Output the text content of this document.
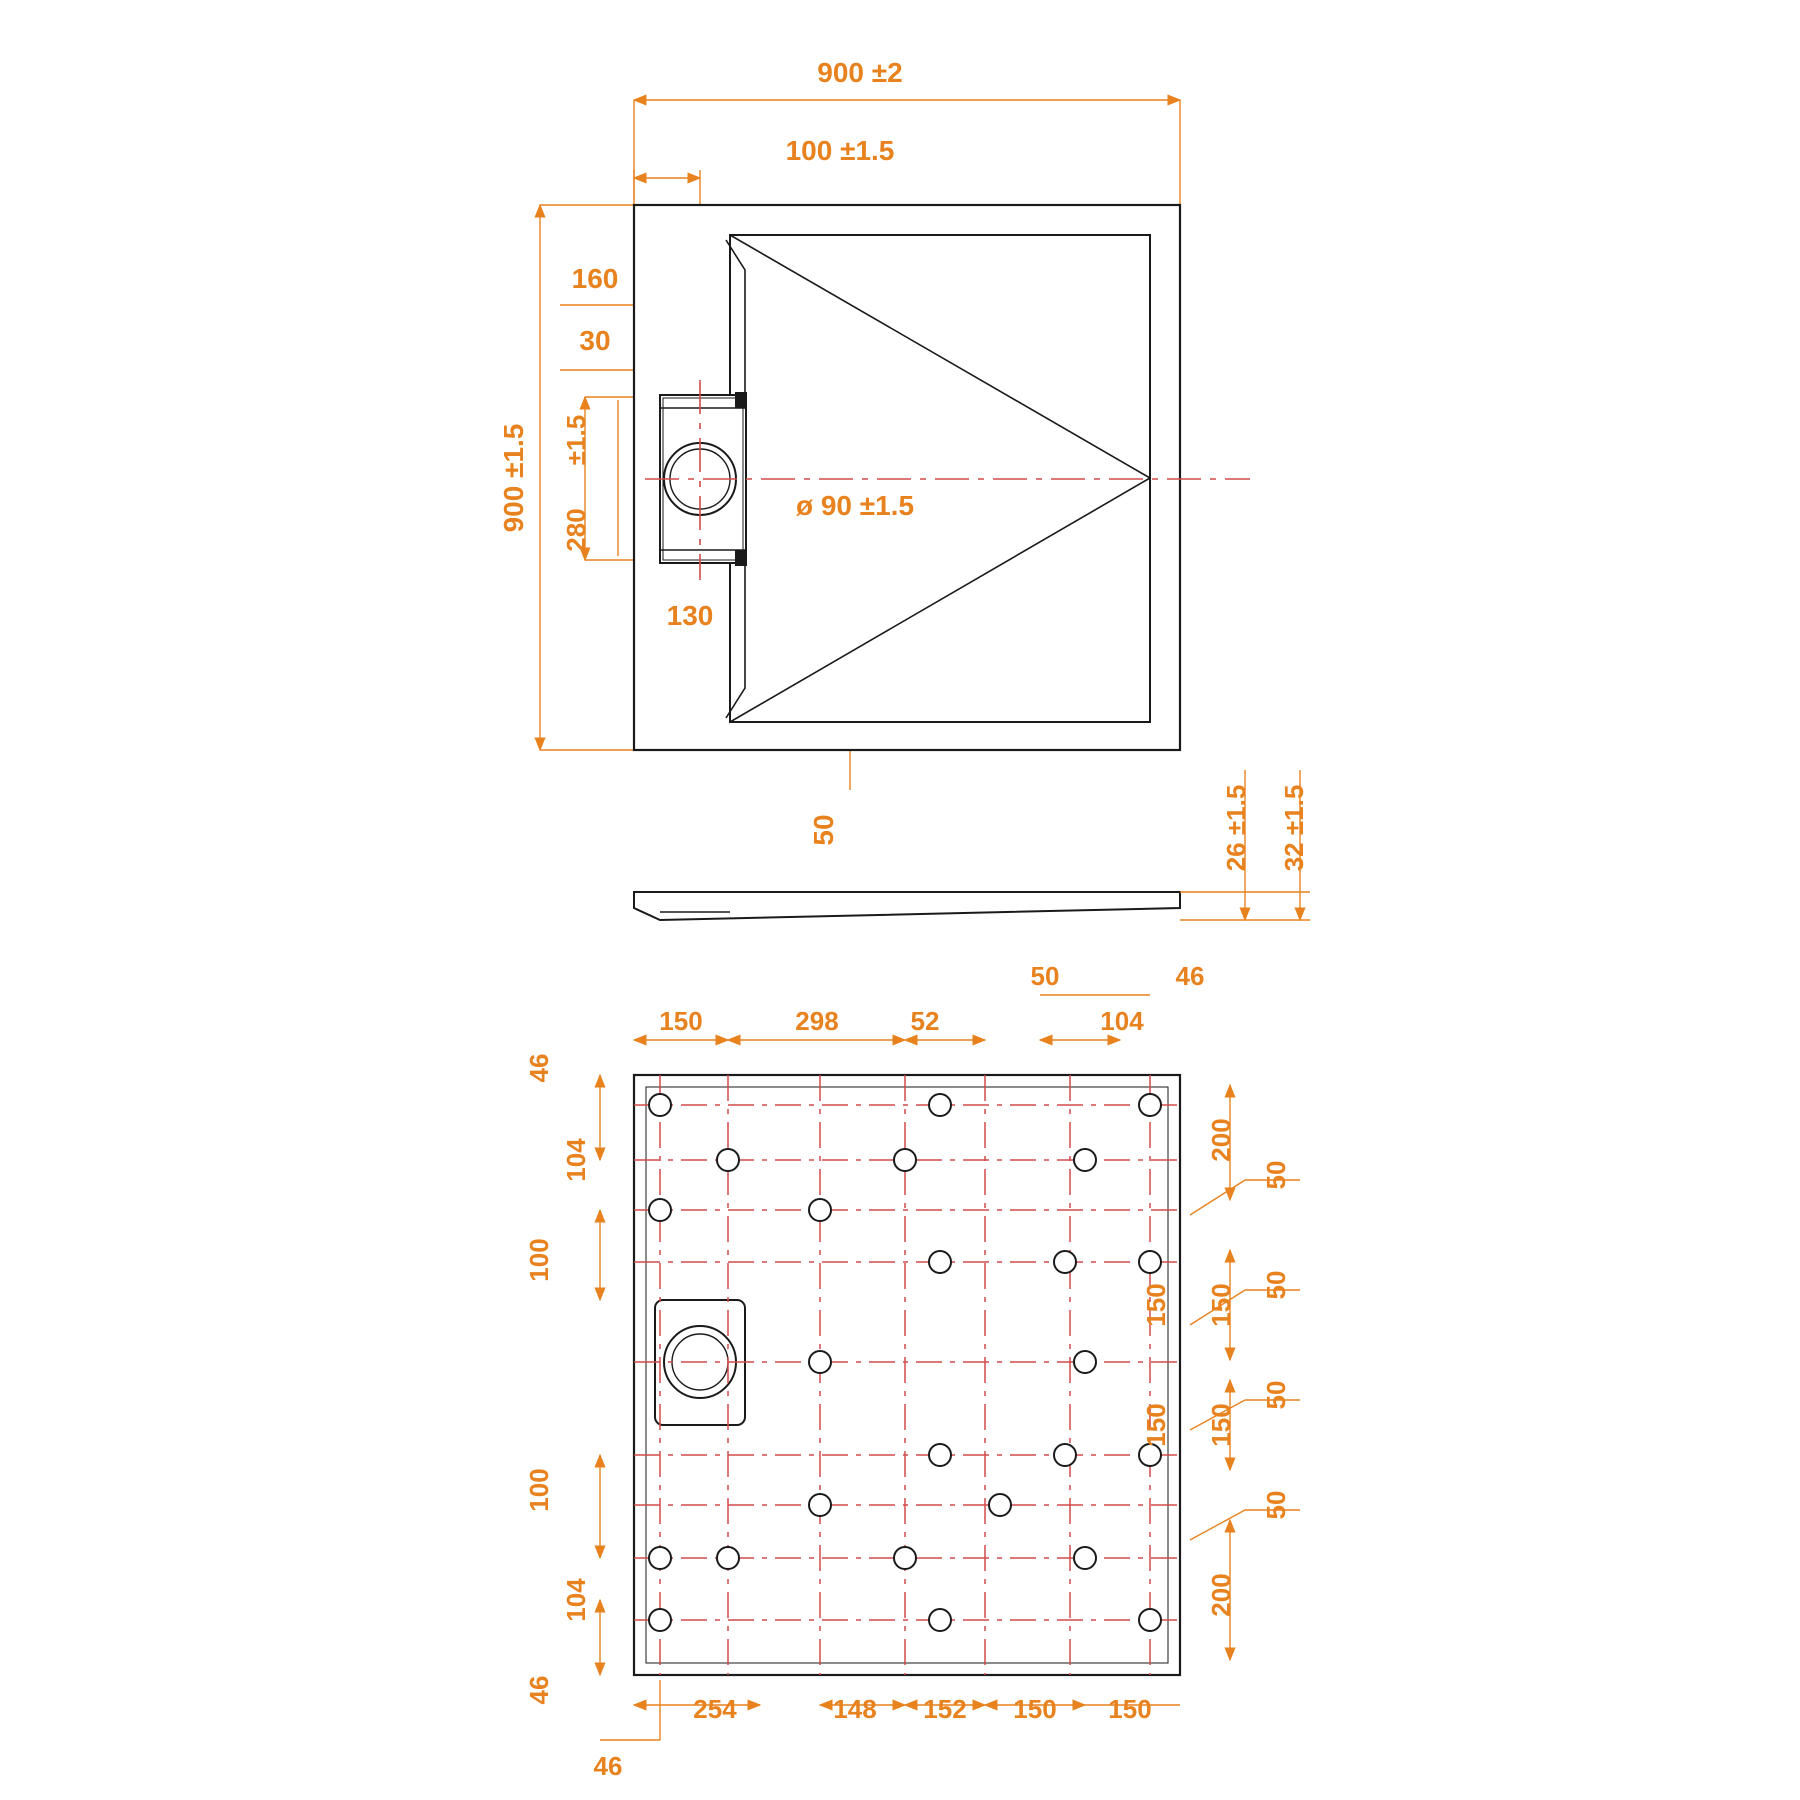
900 ±2
100 ±1.5
160
30
900 ±1.5 ±1.5
280
130
ø 90 ±1.5
50	26 ±1.5 32 ±1.5
150	298	52
50
104
46
46
104
100
100
104
46
200
150
150
200
50
50
50
50
150
150
254	148 152 150 150
46
